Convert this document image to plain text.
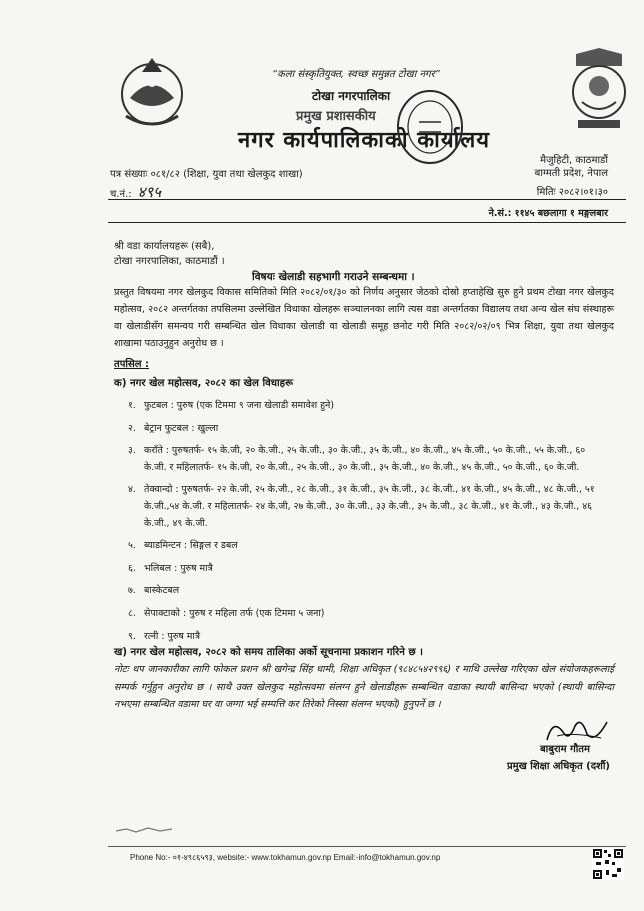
“कला संस्कृतियुक्त, स्वच्छ समुन्नत टोखा नगर”
टोखा नगरपालिका
प्रमुख प्रशासकीय
नगर कार्यपालिकाको कार्यालय
मैजुहिटी, काठमाडौं
बाग्मती प्रदेश, नेपाल
पत्र संख्याः ०८१/८२ (शिक्षा, युवा तथा खेलकुद शाखा)
च.नं.: ४९५	मितिः २०८२।०१।३०
ने.सं.: ११४५ बछलागा १ मङ्गलबार
श्री वडा कार्यालयहरू (सबै),
टोखा नगरपालिका, काठमाडौं ।
विषयः खेलाडी सहभागी गराउने सम्बन्धमा ।
प्रस्तुत विषयमा नगर खेलकुद विकास समितिको मिति २०८२/०१/३० को निर्णय अनुसार जेठको दोस्रो हप्ताहेखि सुरु हुने प्रथम टोखा नगर खेलकुद महोत्सव, २०८२ अन्तर्गतका तपसिलमा उल्लेखित विधाका खेलहरू सञ्चालनका लागि त्यस वडा अन्तर्गतका विद्यालय तथा अन्य खेल संघ संस्थाहरू वा खेलाडीसँग समन्वय गरी सम्बन्धित खेल विधाका खेलाडी वा खेलाडी समूह छनोट गरी मिति २०८२/०२/०९ भित्र शिक्षा, युवा तथा खेलकुद शाखामा पठाउनुहुन अनुरोध छ ।
तपसिल :
क) नगर खेल महोत्सव, २०८२ का खेल विधाहरू
१. फुटबल : पुरुष (एक टिममा ९ जना खेलाडी समावेश हुने)
२. बेट्रान फुटबल : खुल्ला
३. कराँते : पुरुषतर्फ- १५ के.जी, २० के.जी., २५ के.जी., ३० के.जी., ३५ के.जी., ४० के.जी., ४५ के.जी., ५० के.जी., ५५ के.जी., ६० के.जी. र महिलातर्फ- १५ के.जी, २० के.जी., २५ के.जी., ३० के.जी., ३५ के.जी., ४० के.जी., ४५ के.जी., ५० के.जी., ६० के.जी.
४. तेक्वान्दो : पुरुषतर्फ- २२ के.जी, २५ के.जी., २८ के.जी., ३१ के.जी., ३५ के.जी., ३८ के.जी., ४१ के.जी., ४५ के.जी., ४८ के.जी., ५१ के.जी.,५४ के.जी. र महिलातर्फ- २४ के.जी, २७ के.जी., ३० के.जी., ३३ के.जी., ३५ के.जी., ३८ के.जी., ४१ के.जी., ४३ के.जी., ४६ के.जी., ४९ के.जी.
५. ब्याडमिन्टन : सिङ्गल र डबल
६. भलिबल : पुरुष मात्रै
७. बास्केटबल
८. सेपाक्टाको : पुरुष र महिला तर्फ (एक टिममा ५ जना)
९. रत्नी : पुरुष मात्रै
ख) नगर खेल महोत्सव, २०८२ को समय तालिका अर्को सूचनामा प्रकाशन गरिने छ ।
नोटः थप जानकारीका लागि फोकल प्रशन श्री खगेन्द्र सिंह धामी, शिक्षा अधिकृत (९८४८५४२९९६) र माथि उल्लेख गरिएका खेल संयोजकहरूलाई सम्पर्क गर्नुहुन अनुरोध छ । साथै उक्त खेलकुद महोत्सवमा संलग्न हुने खेलाडीहरू सम्बन्धित वडाका स्थायी बासिन्दा भएको (स्थायी बासिन्दा नभएमा सम्बन्धित वडामा घर वा जग्गा भई सम्पत्ति कर तिरेको निस्सा संलग्न भएको) हुनुपर्ने छ ।
बाबुराम गौतम
प्रमुख शिक्षा अधिकृत (दर्शौ)
Phone No:- ०१-४९८६५९३, website:- www.tokhamun.gov.np Email:-info@tokhamun.gov.np
